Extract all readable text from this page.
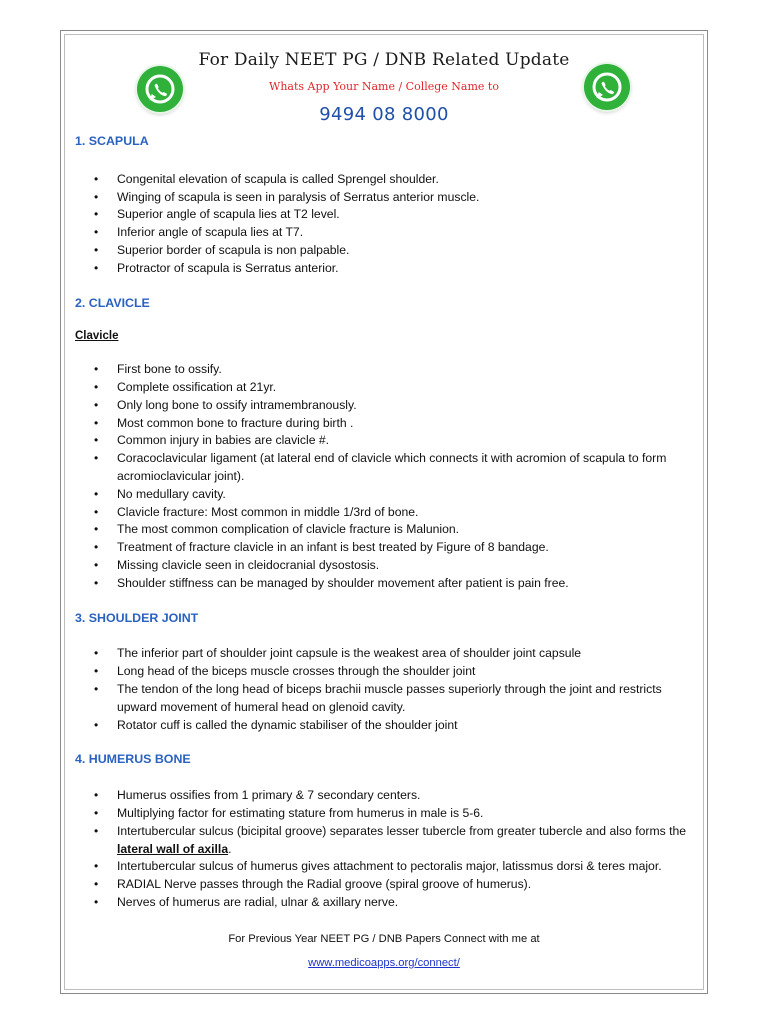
For Daily NEET PG / DNB Related Update
Whats App Your Name / College Name to
9494 08 8000

1. SCAPULA

• Congenital elevation of scapula is called Sprengel shoulder.
• Winging of scapula is seen in paralysis of Serratus anterior muscle.
• Superior angle of scapula lies at T2 level.
• Inferior angle of scapula lies at T7.
• Superior border of scapula is non palpable.
• Protractor of scapula is Serratus anterior.

2. CLAVICLE

Clavicle

• First bone to ossify.
• Complete ossification at 21yr.
• Only long bone to ossify intramembranously.
• Most common bone to fracture during birth .
• Common injury in babies are clavicle #.
• Coracoclavicular ligament (at lateral end of clavicle which connects it with acromion of scapula to form acromioclavicular joint).
• No medullary cavity.
• Clavicle fracture: Most common in middle 1/3rd of bone.
• The most common complication of clavicle fracture is Malunion.
• Treatment of fracture clavicle in an infant is best treated by Figure of 8 bandage.
• Missing clavicle seen in cleidocranial dysostosis.
• Shoulder stiffness can be managed by shoulder movement after patient is pain free.

3. SHOULDER JOINT

• The inferior part of shoulder joint capsule is the weakest area of shoulder joint capsule
• Long head of the biceps muscle crosses through the shoulder joint
• The tendon of the long head of biceps brachii muscle passes superiorly through the joint and restricts upward movement of humeral head on glenoid cavity.
• Rotator cuff is called the dynamic stabiliser of the shoulder joint

4. HUMERUS BONE

• Humerus ossifies from 1 primary & 7 secondary centers.
• Multiplying factor for estimating stature from humerus in male is 5-6.
• Intertubercular sulcus (bicipital groove) separates lesser tubercle from greater tubercle and also forms the lateral wall of axilla.
• Intertubercular sulcus of humerus gives attachment to pectoralis major, latissmus dorsi & teres major.
• RADIAL Nerve passes through the Radial groove (spiral groove of humerus).
• Nerves of humerus are radial, ulnar & axillary nerve.
For Previous Year NEET PG / DNB Papers Connect with me at
www.medicoapps.org/connect/
